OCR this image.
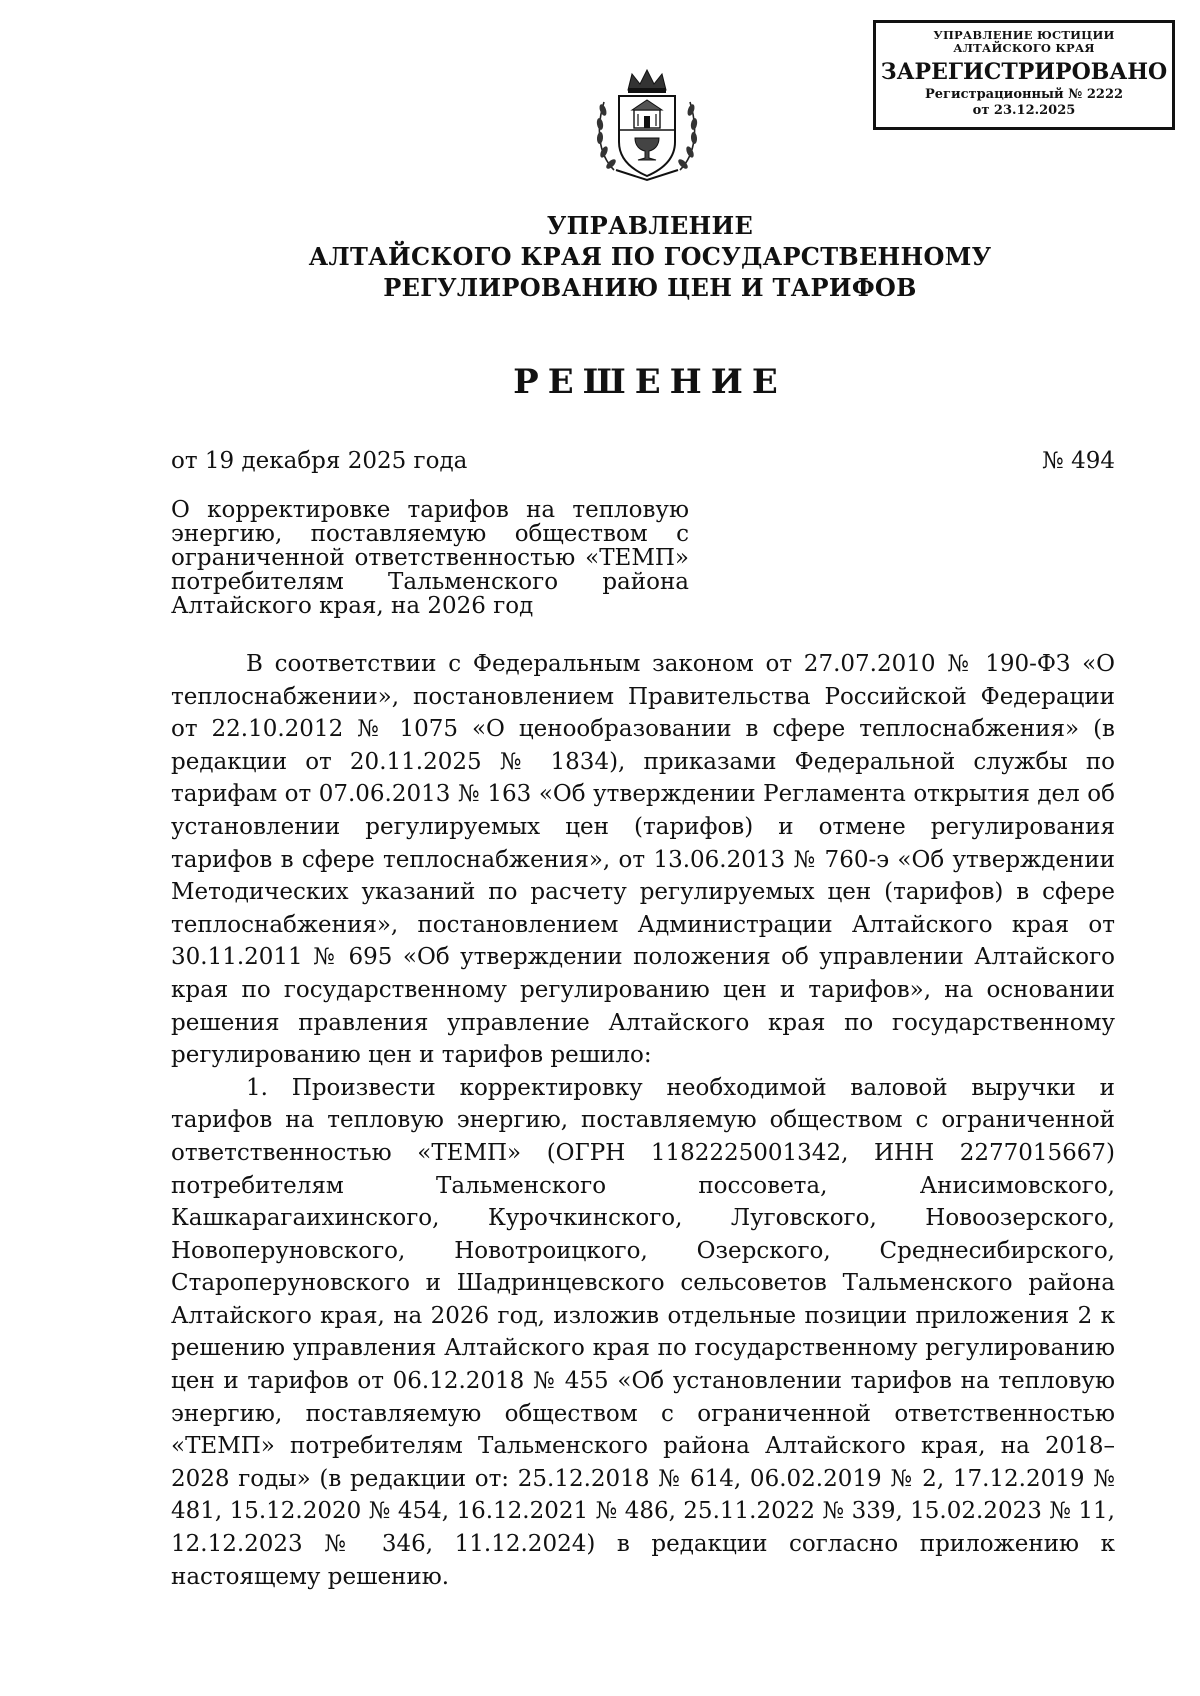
УПРАВЛЕНИЕ ЮСТИЦИИ
АЛТАЙСКОГО КРАЯ
ЗАРЕГИСТРИРОВАНО
Регистрационный № 2222
от 23.12.2025
УПРАВЛЕНИЕ
АЛТАЙСКОГО КРАЯ ПО ГОСУДАРСТВЕННОМУ
РЕГУЛИРОВАНИЮ ЦЕН И ТАРИФОВ
РЕШЕНИЕ
от 19 декабря 2025 года	№ 494
О корректировке тарифов на тепловую энергию, поставляемую обществом с ограниченной ответственностью «ТЕМП» потребителям Тальменского района Алтайского края, на 2026 год

В соответствии с Федеральным законом от 27.07.2010 № 190-ФЗ «О теплоснабжении», постановлением Правительства Российской Федерации от 22.10.2012 № 1075 «О ценообразовании в сфере теплоснабжения» (в редакции от 20.11.2025 № 1834), приказами Федеральной службы по тарифам от 07.06.2013 № 163 «Об утверждении Регламента открытия дел об установлении регулируемых цен (тарифов) и отмене регулирования тарифов в сфере теплоснабжения», от 13.06.2013 № 760-э «Об утверждении Методических указаний по расчету регулируемых цен (тарифов) в сфере теплоснабжения», постановлением Администрации Алтайского края от 30.11.2011 № 695 «Об утверждении положения об управлении Алтайского края по государственному регулированию цен и тарифов», на основании решения правления управление Алтайского края по государственному регулированию цен и тарифов решило:

1. Произвести корректировку необходимой валовой выручки и тарифов на тепловую энергию, поставляемую обществом с ограниченной ответственностью «ТЕМП» (ОГРН 1182225001342, ИНН 2277015667) потребителям Тальменского поссовета, Анисимовского, Кашкарагаихинского, Курочкинского, Луговского, Новоозерского, Новоперуновского, Новотроицкого, Озерского, Среднесибирского, Староперуновского и Шадринцевского сельсоветов Тальменского района Алтайского края, на 2026 год, изложив отдельные позиции приложения 2 к решению управления Алтайского края по государственному регулированию цен и тарифов от 06.12.2018 № 455 «Об установлении тарифов на тепловую энергию, поставляемую обществом с ограниченной ответственностью «ТЕМП» потребителям Тальменского района Алтайского края, на 2018–2028 годы» (в редакции от: 25.12.2018 № 614, 06.02.2019 № 2, 17.12.2019 № 481, 15.12.2020 № 454, 16.12.2021 № 486, 25.11.2022 № 339, 15.02.2023 № 11, 12.12.2023 № 346, 11.12.2024) в редакции согласно приложению к настоящему решению.
